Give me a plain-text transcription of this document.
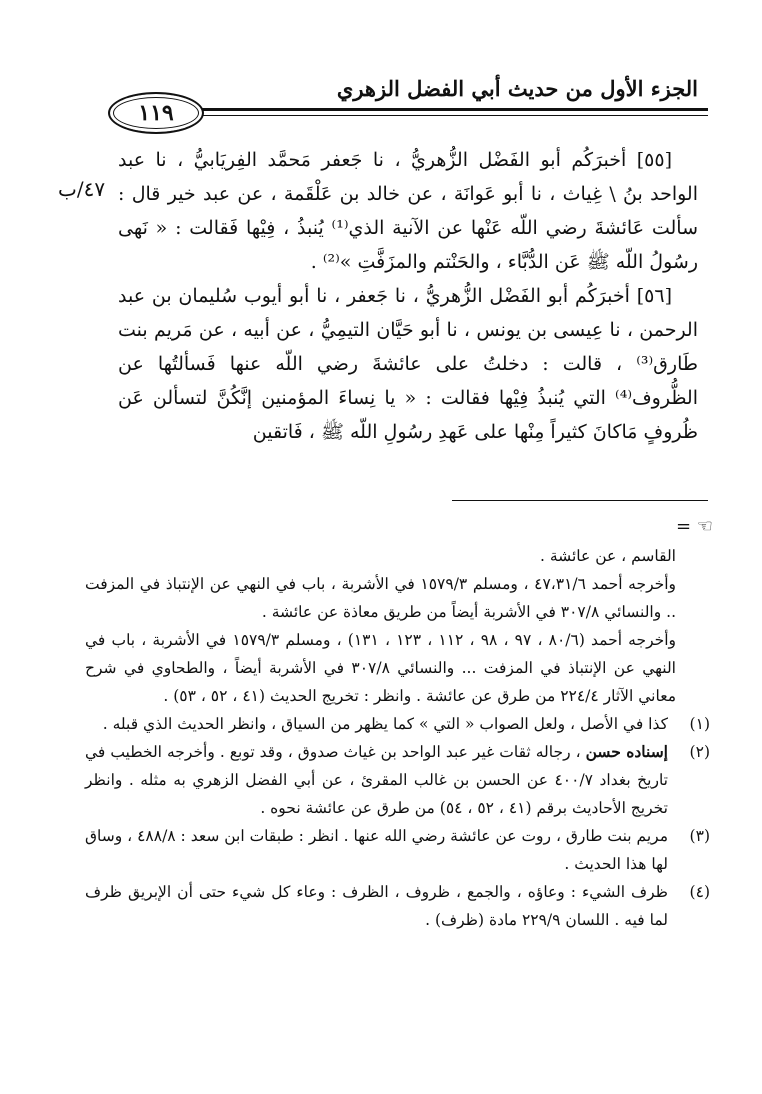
الجزء الأول من حديث أبي الفضل الزهري
١١٩
٤٧/ب

[٥٥] أخبرَكُم أبو الفَضْل الزُّهريُّ ، نا جَعفر مَحمَّد الفِريَابيُّ ، نا عبد الواحد بنُ \ غِياث ، نا أبو عَوانَة ، عن خالد بن عَلْقَمة ، عن عبد خير قال : سألت عَائشةَ رضي اللّه عَنْها عن الآنية الذي⁽¹⁾ يُنبذُ ، فِيْها فَقالت : « نَهى رسُولُ اللّه ﷺ عَن الدُّبَّاء ، والحَنْتم والمزَفَّتِ »⁽²⁾ .

[٥٦] أخبرَكُم أبو الفَضْل الزُّهريُّ ، نا جَعفر ، نا أبو أيوب سُليمان بن عبد الرحمن ، نا عِيسى بن يونس ، نا أبو حَيَّان التيمِيُّ ، عن أبيه ، عن مَريم بنت طَارق⁽³⁾ ، قالت : دخلتُ على عائشةَ رضي اللّه عنها فَسألتُها عن الظُّروف⁽⁴⁾ التي يُنبذُ فِيْها فقالت : « يا نِساءَ المؤمنين إنَّكُنَّ لتسألن عَن ظُروفٍ مَاكانَ كثيراً مِنْها على عَهدِ رسُولِ اللّه ﷺ ، فَاتقين

= ☜

القاسم ، عن عائشة .

وأخرجه أحمد ٤٧،٣١/٦ ، ومسلم ١٥٧٩/٣ في الأشربة ، باب في النهي عن الإنتباذ في المزفت .. والنسائي ٣٠٧/٨ في الأشربة أيضاً من طريق معاذة عن عائشة .

وأخرجه أحمد (٨٠/٦ ، ٩٧ ، ٩٨ ، ١١٢ ، ١٢٣ ، ١٣١) ، ومسلم ١٥٧٩/٣ في الأشربة ، باب في النهي عن الإنتباذ في المزفت ... والنسائي ٣٠٧/٨ في الأشربة أيضاً ، والطحاوي في شرح معاني الآثار ٢٢٤/٤ من طرق عن عائشة . وانظر : تخريج الحديث (٤١ ، ٥٢ ، ٥٣) .

(١)
كذا في الأصل ، ولعل الصواب « التي » كما يظهر من السياق ، وانظر الحديث الذي قبله .

(٢)
إسناده حسن ، رجاله ثقات غير عبد الواحد بن غياث صدوق ، وقد توبع . وأخرجه الخطيب في تاريخ بغداد ٤٠٠/٧ عن الحسن بن غالب المقرئ ، عن أبي الفضل الزهري به مثله . وانظر تخريج الأحاديث برقم (٤١ ، ٥٢ ، ٥٤) من طرق عن عائشة نحوه .

(٣)
مريم بنت طارق ، روت عن عائشة رضي الله عنها . انظر : طبقات ابن سعد : ٤٨٨/٨ ، وساق لها هذا الحديث .

(٤)
ظرف الشيء : وعاؤه ، والجمع ، ظروف ، الظرف : وعاء كل شيء حتى أن الإبريق ظرف لما فيه . اللسان ٢٢٩/٩ مادة (ظرف) .
